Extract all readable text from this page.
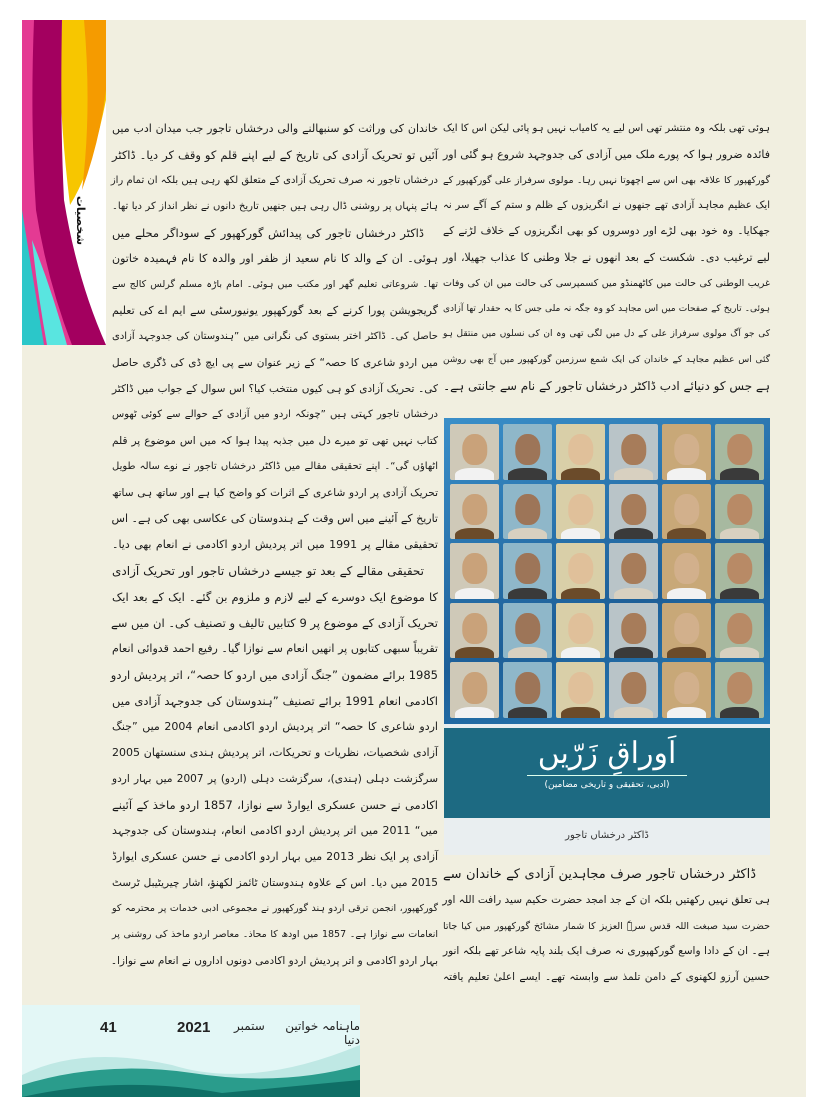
شخصیات
خاندان کی وراثت کو سنبھالنے والی درخشاں تاجور جب میدان ادب میں
آئیں تو تحریک آزادی کی تاریخ کے لیے اپنے قلم کو وقف کر دیا۔ ڈاکٹر
درخشاں تاجور نہ صرف تحریک آزادی کے متعلق لکھ رہی ہیں بلکہ ان تمام راز
ہائے پنہاں پر روشنی ڈال رہی ہیں جنھیں تاریخ دانوں نے نظر انداز کر دیا تھا۔
ڈاکٹر درخشاں تاجور کی پیدائش گورکھپور کے سوداگر محلے میں
ہوئی۔ ان کے والد کا نام سعید از ظفر اور والدہ کا نام فہمیدہ خاتون
تھا۔ شروعاتی تعلیم گھر اور مکتب میں ہوئی۔ امام باڑہ مسلم گرلس کالج سے
گریجویشن پورا کرنے کے بعد گورکھپور یونیورسٹی سے ایم اے کی تعلیم
حاصل کی۔ ڈاکٹر اختر بستوی کی نگرانی میں ”ہندوستان کی جدوجہد آزادی
میں اردو شاعری کا حصہ“ کے زیر عنوان سے پی ایچ ڈی کی ڈگری حاصل
کی۔ تحریک آزادی کو ہی کیوں منتخب کیا؟ اس سوال کے جواب میں ڈاکٹر
درخشاں تاجور کہتی ہیں ”چونکہ اردو میں آزادی کے حوالے سے کوئی ٹھوس
کتاب نہیں تھی تو میرے دل میں جذبہ پیدا ہوا کہ میں اس موضوع پر قلم
اٹھاؤں گی“۔ اپنے تحقیقی مقالے میں ڈاکٹر درخشاں تاجور نے نوے سالہ طویل
تحریک آزادی پر اردو شاعری کے اثرات کو واضح کیا ہے اور ساتھ ہی ساتھ
تاریخ کے آئینے میں اس وقت کے ہندوستان کی عکاسی بھی کی ہے۔ اس
تحقیقی مقالے پر 1991 میں اتر پردیش اردو اکادمی نے انعام بھی دیا۔
تحقیقی مقالے کے بعد تو جیسے درخشاں تاجور اور تحریک آزادی
کا موضوع ایک دوسرے کے لیے لازم و ملزوم بن گئے۔ ایک کے بعد ایک
تحریک آزادی کے موضوع پر 9 کتابیں تالیف و تصنیف کی۔ ان میں سے
تقریباً سبھی کتابوں پر انھیں انعام سے نوازا گیا۔ رفیع احمد قدوائی انعام
1985 برائے مضمون ”جنگ آزادی میں اردو کا حصہ“، اتر پردیش اردو
اکادمی انعام 1991 برائے تصنیف ”ہندوستان کی جدوجہد آزادی میں
اردو شاعری کا حصہ“ اتر پردیش اردو اکادمی انعام 2004 میں ”جنگ
آزادی شخصیات، نظریات و تحریکات، اتر پردیش ہندی سنستھان 2005
سرگزشت دہلی (ہندی)، سرگزشت دہلی (اردو) پر 2007 میں بہار اردو
اکادمی نے حسن عسکری ایوارڈ سے نوازا، 1857 اردو ماخذ کے آئینے
میں“ 2011 میں اتر پردیش اردو اکادمی انعام، ہندوستان کی جدوجہد
آزادی پر ایک نظر 2013 میں بہار اردو اکادمی نے حسن عسکری ایوارڈ
2015 میں دیا۔ اس کے علاوہ ہندوستان ٹائمز لکھنؤ، اشار چیریٹیبل ٹرسٹ
گورکھپور، انجمن ترقی اردو ہند گورکھپور نے مجموعی ادبی خدمات پر محترمہ کو
انعامات سے نوازا ہے۔ 1857 میں اودھ کا محاذ۔ معاصر اردو ماخذ کی روشنی پر
بہار اردو اکادمی و اتر پردیش اردو اکادمی دونوں اداروں نے انعام سے نوازا۔
ہوئی تھی بلکہ وہ منتشر تھی اس لیے یہ کامیاب نہیں ہو پائی لیکن اس کا ایک
فائدہ ضرور ہوا کہ پورے ملک میں آزادی کی جدوجہد شروع ہو گئی اور
گورکھپور کا علاقہ بھی اس سے اچھوتا نہیں رہا۔ مولوی سرفراز علی گورکھپور کے
ایک عظیم مجاہد آزادی تھے جنھوں نے انگریزوں کے ظلم و ستم کے آگے سر نہ
جھکایا۔ وہ خود بھی لڑے اور دوسروں کو بھی انگریزوں کے خلاف لڑنے کے
لیے ترغیب دی۔ شکست کے بعد انھوں نے جلا وطنی کا عذاب جھیلا، اور
غریب الوطنی کی حالت میں کاٹھمنڈو میں کسمپرسی کی حالت میں ان کی وفات
ہوئی۔ تاریخ کے صفحات میں اس مجاہد کو وہ جگہ نہ ملی جس کا یہ حقدار تھا آزادی
کی جو آگ مولوی سرفراز علی کے دل میں لگی تھی وہ ان کی نسلوں میں منتقل ہو
گئی اس عظیم مجاہد کے خاندان کی ایک شمع سرزمین گورکھپور میں آج بھی روشن
ہے جس کو دنیائے ادب ڈاکٹر درخشاں تاجور کے نام سے جانتی ہے۔
اَوراقِ زَرّیں
(ادبی، تحقیقی و تاریخی مضامین)
ڈاکٹر درخشاں تاجور
ڈاکٹر درخشاں تاجور صرف مجاہدین آزادی کے خاندان سے
ہی تعلق نہیں رکھتیں بلکہ ان کے جد امجد حضرت حکیم سید رافت اللہ اور
حضرت سید صبغت اللہ قدس سرہٗ العزیز کا شمار مشائخ گورکھپور میں کیا جاتا
ہے۔ ان کے دادا واسع گورکھپوری نہ صرف ایک بلند پایہ شاعر تھے بلکہ انور
حسین آرزو لکھنوی کے دامن تلمذ سے وابستہ تھے۔ ایسے اعلیٰ تعلیم یافتہ
41	2021 ستمبر	ماہنامہ خواتین دنیا
